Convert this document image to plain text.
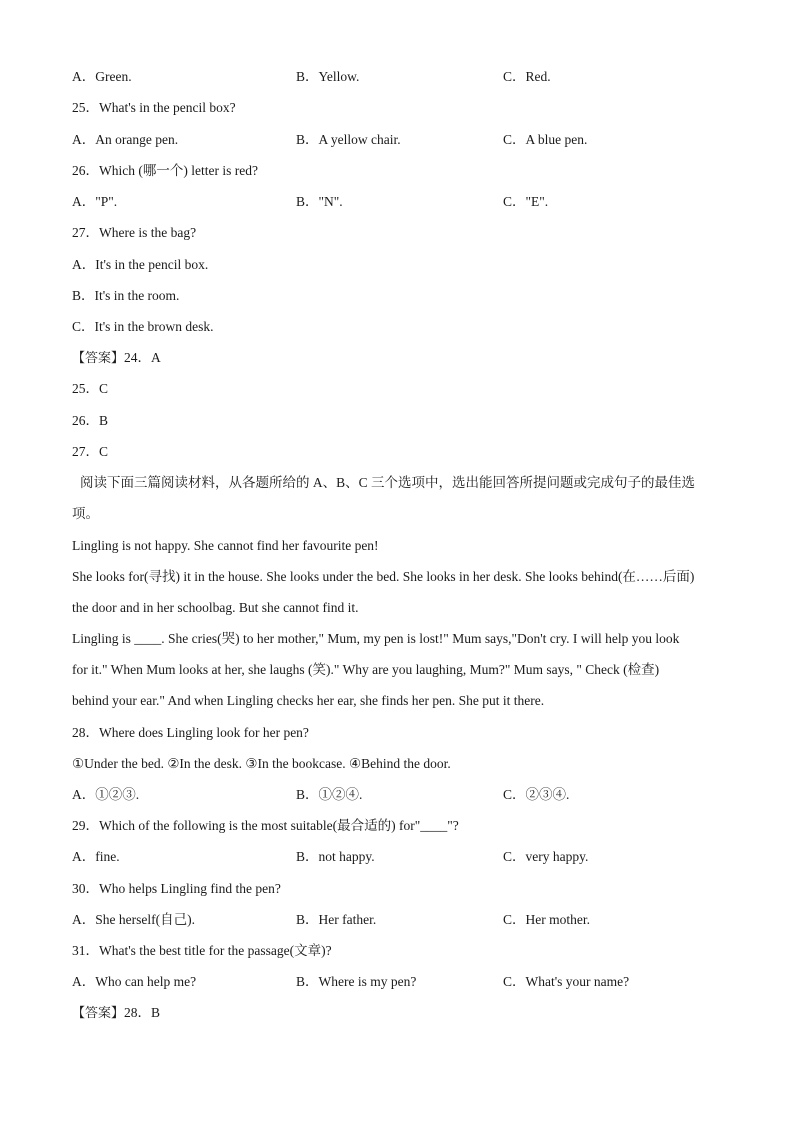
A．Green.	B．Yellow.	C．Red.
25．What's in the pencil box?
A．An orange pen.	B．A yellow chair.	C．A blue pen.
26．Which (哪一个) letter is red?
A．"P".	B．"N".	C．"E".
27．Where is the bag?
A．It's in the pencil box.
B．It's in the room.
C．It's in the brown desk.
【答案】24．A
25．C
26．B
27．C
阅读下面三篇阅读材料，从各题所给的 A、B、C 三个选项中，选出能回答所提问题或完成句子的最佳选
项。
Lingling is not happy. She cannot find her favourite pen!
She looks for(寻找) it in the house. She looks under the bed. She looks in her desk. She looks behind(在……后面)
the door and in her schoolbag. But she cannot find it.
Lingling is ____. She cries(哭) to her mother," Mum, my pen is lost!" Mum says,"Don't cry. I will help you look
for it." When Mum looks at her, she laughs (笑)." Why are you laughing, Mum?" Mum says, " Check (检查)
behind your ear." And when Lingling checks her ear, she finds her pen. She put it there.
28．Where does Lingling look for her pen?
①Under the bed. ②In the desk. ③In the bookcase. ④Behind the door.
A．①②③.	B．①②④.	C．②③④.
29．Which of the following is the most suitable(最合适的) for"____"?
A．fine.	B．not happy.	C．very happy.
30．Who helps Lingling find the pen?
A．She herself(自己).	B．Her father.	C．Her mother.
31．What's the best title for the passage(文章)?
A．Who can help me?	B．Where is my pen?	C．What's your name?
【答案】28．B
